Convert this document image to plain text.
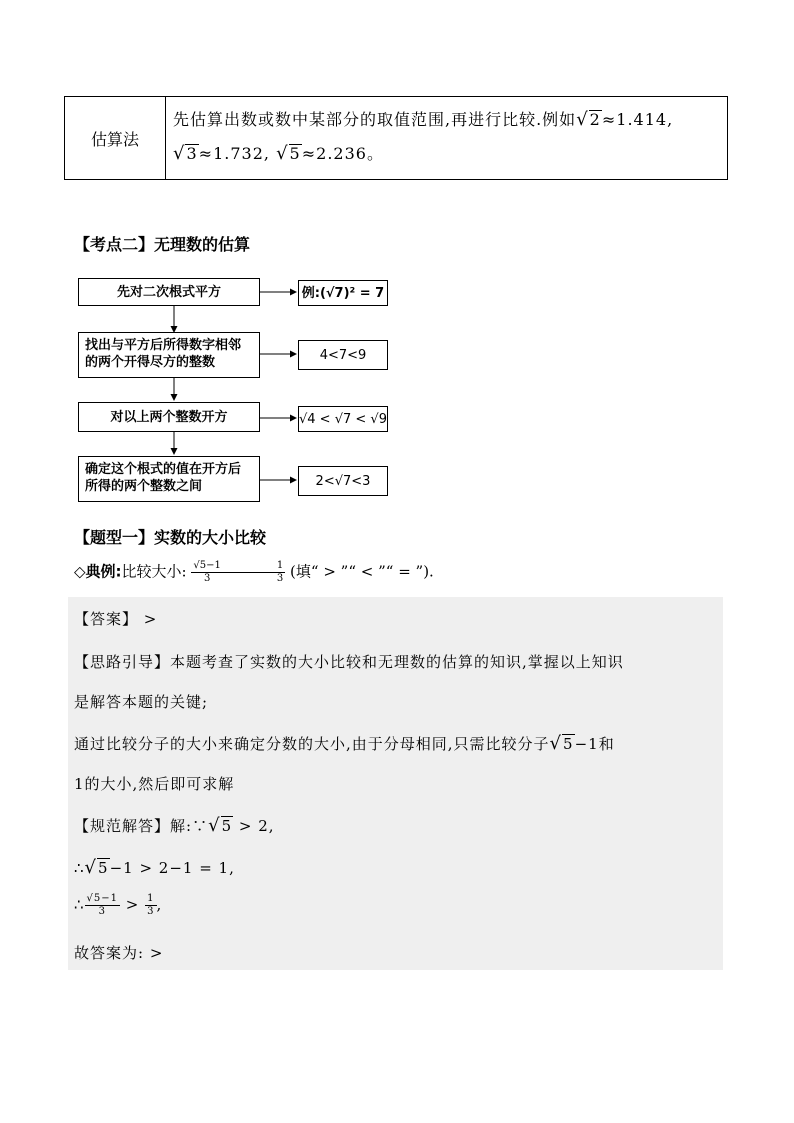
估算法
先估算出数或数中某部分的取值范围,再进行比较.例如√2≈1.414,
√3≈1.732, √5≈2.236。
【考点二】无理数的估算
先对二次根式平方
找出与平方后所得数字相邻的两个开得尽方的整数
对以上两个整数开方
确定这个根式的值在开方后所得的两个整数之间
例:(√7)² = 7
4<7<9
√4 < √7 < √9
2<√7<3
【题型一】实数的大小比较
◇典例:比较大小: $\frac{√5-1}{3}$	$\frac{1}{3}$ (填“ > ”“ < ”“ = ”).
【答案】 >
【思路引导】本题考查了实数的大小比较和无理数的估算的知识,掌握以上知识
是解答本题的关键;
通过比较分子的大小来确定分数的大小,由于分母相同,只需比较分子√5−1和
1的大小,然后即可求解
【规范解答】解:∵√5 > 2,
∴√5−1 > 2−1 = 1,
∴ $\frac{√5-1}{3} > \frac{1}{3}$ ,
故答案为: >
